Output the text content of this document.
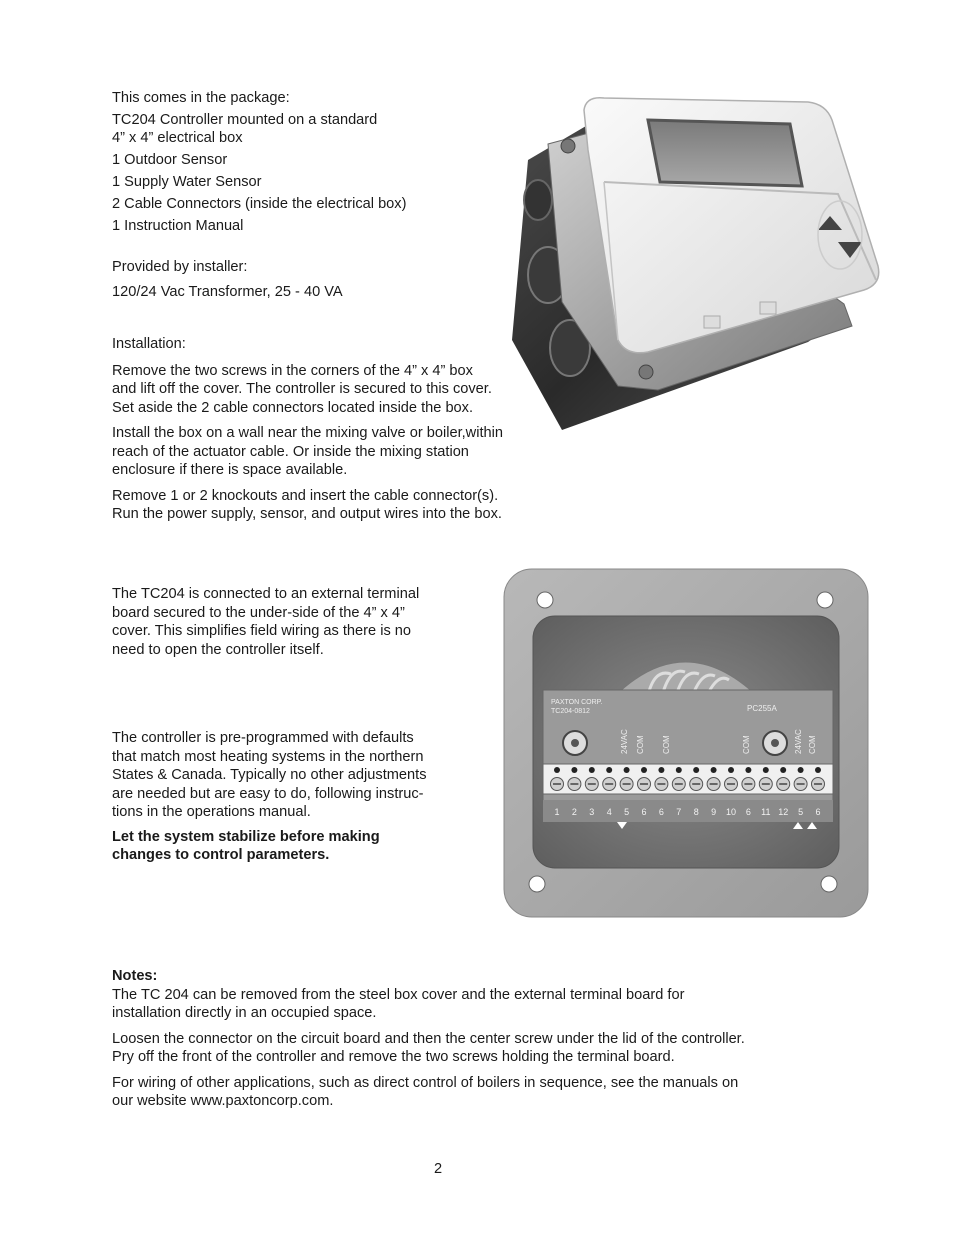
This comes in the package:
TC204 Controller mounted on a standard
4” x 4” electrical box
1 Outdoor Sensor
1 Supply Water Sensor
2 Cable Connectors (inside the electrical box)
1 Instruction Manual
Provided by installer:
120/24 Vac Transformer, 25 - 40 VA
Installation:
Remove the two screws in the corners of the 4” x 4” box
and lift off the cover. The controller is secured to this cover.
Set aside the 2 cable connectors located inside the box.
Install the box on a wall near the mixing valve or boiler,within
reach of the actuator cable. Or inside the mixing station
enclosure if there is space available.
Remove 1 or 2 knockouts and insert the cable connector(s).
Run the power supply, sensor, and output wires into the box.
The TC204 is connected to an external terminal
board secured to the under-side of the 4” x 4”
cover. This simplifies field wiring as there is no
need to open the controller itself.
The controller is pre-programmed with defaults
that match most heating systems in the northern
States & Canada. Typically no other adjustments
are needed but are easy to do, following instruc-
tions in the operations manual.
Let the system stabilize before making
changes to control parameters.
Notes:
The TC 204 can be removed from the steel box cover and the external terminal board for
installation directly in an occupied space.
Loosen the connector on the circuit board and then the center screw under the lid of the controller.
Pry off the front of the controller and remove the two screws holding the terminal board.
For wiring of other applications, such as direct control of boilers in sequence, see the manuals on
our website www.paxtoncorp.com.
2
PAXTON CORP.
TC204-0812	PC255A
24VAC COM COM	COM	24VAC COM
1 2 3 4 5 6 6 7 8 9 10 6 11 12 5 6
